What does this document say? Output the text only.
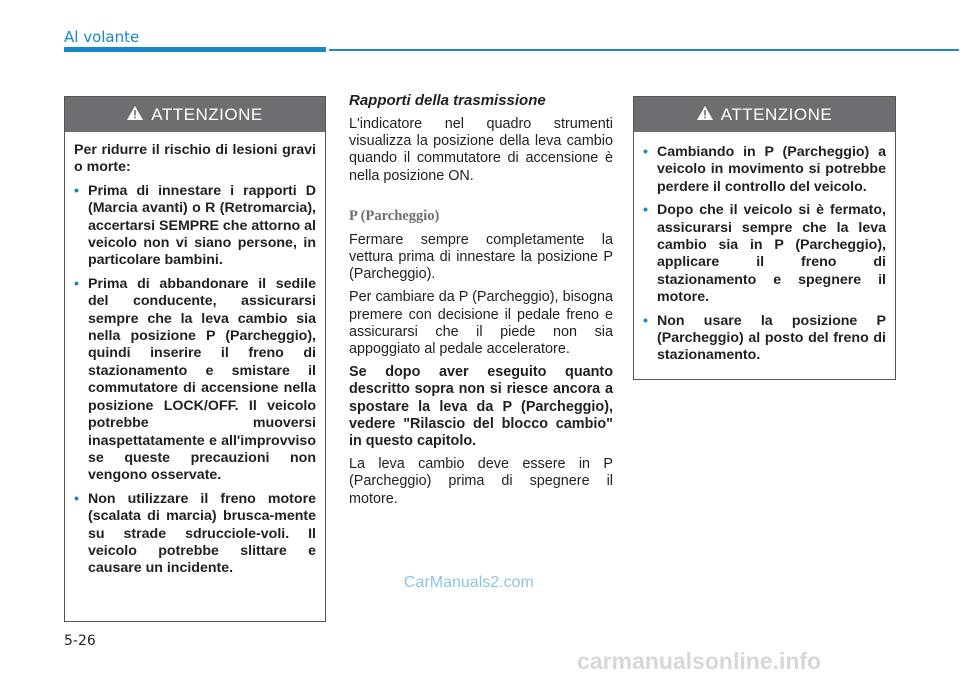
Al volante
ATTENZIONE
Per ridurre il rischio di lesioni gravi o morte:
• Prima di innestare i rapporti D (Marcia avanti) o R (Retromarcia), accertarsi SEMPRE che attorno al veicolo non vi siano persone, in particolare bambini.
• Prima di abbandonare il sedile del conducente, assicurarsi sempre che la leva cambio sia nella posizione P (Parcheggio), quindi inserire il freno di stazionamento e smistare il commutatore di accensione nella posizione LOCK/OFF. Il veicolo potrebbe muoversi inaspettatamente e all'improvviso se queste precauzioni non vengono osservate.
• Non utilizzare il freno motore (scalata di marcia) brusca-mente su strade sdrucciole-voli. Il veicolo potrebbe slittare e causare un incidente.
Rapporti della trasmissione

L'indicatore nel quadro strumenti visualizza la posizione della leva cambio quando il commutatore di accensione è nella posizione ON.

P (Parcheggio)

Fermare sempre completamente la vettura prima di innestare la posizione P (Parcheggio).

Per cambiare da P (Parcheggio), bisogna premere con decisione il pedale freno e assicurarsi che il piede non sia appoggiato al pedale acceleratore.

Se dopo aver eseguito quanto descritto sopra non si riesce ancora a spostare la leva da P (Parcheggio), vedere "Rilascio del blocco cambio" in questo capitolo.

La leva cambio deve essere in P (Parcheggio) prima di spegnere il motore.

ATTENZIONE
• Cambiando in P (Parcheggio) a veicolo in movimento si potrebbe perdere il controllo del veicolo.
• Dopo che il veicolo si è fermato, assicurarsi sempre che la leva cambio sia in P (Parcheggio), applicare il freno di stazionamento e spegnere il motore.
• Non usare la posizione P (Parcheggio) al posto del freno di stazionamento.
CarManuals2.com
5-26
carmanualsonline.info
